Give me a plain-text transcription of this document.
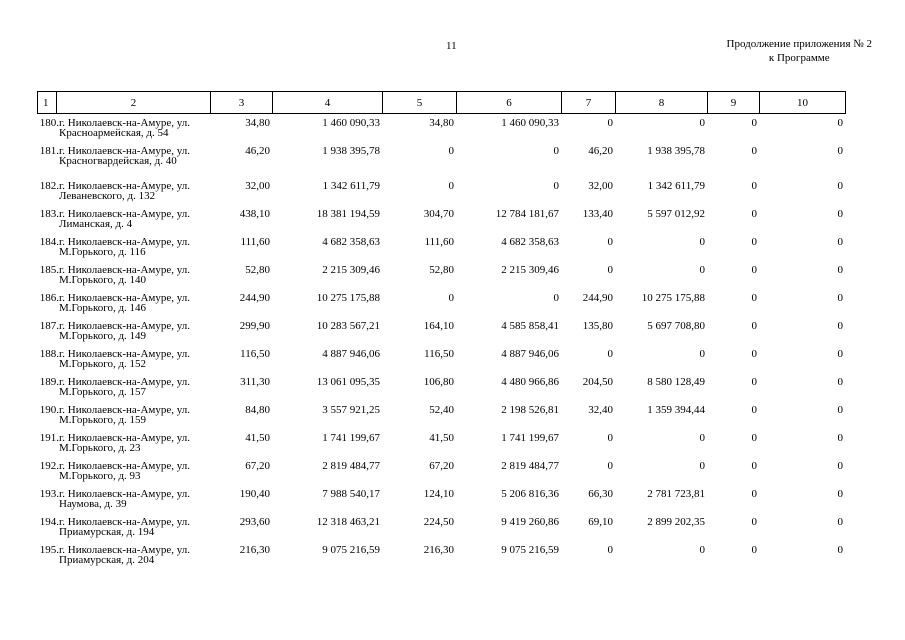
11	Продолжение приложения № 2
к Программе
1	2	3	4	5	6	7	8	9	10
180.	г. Николаевск-на-Амуре, ул. Красноармейская, д. 54	34,80	1 460 090,33	34,80	1 460 090,33	0	0	0	0
181.	г. Николаевск-на-Амуре, ул. Красногвардейская, д. 40	46,20	1 938 395,78	0	0	46,20	1 938 395,78	0	0
182.	г. Николаевск-на-Амуре, ул. Леваневского, д. 132	32,00	1 342 611,79	0	0	32,00	1 342 611,79	0	0
183.	г. Николаевск-на-Амуре, ул. Лиманская, д. 4	438,10	18 381 194,59	304,70	12 784 181,67	133,40	5 597 012,92	0	0
184.	г. Николаевск-на-Амуре, ул. М.Горького, д. 116	111,60	4 682 358,63	111,60	4 682 358,63	0	0	0	0
185.	г. Николаевск-на-Амуре, ул. М.Горького, д. 140	52,80	2 215 309,46	52,80	2 215 309,46	0	0	0	0
186.	г. Николаевск-на-Амуре, ул. М.Горького, д. 146	244,90	10 275 175,88	0	0	244,90	10 275 175,88	0	0
187.	г. Николаевск-на-Амуре, ул. М.Горького, д. 149	299,90	10 283 567,21	164,10	4 585 858,41	135,80	5 697 708,80	0	0
188.	г. Николаевск-на-Амуре, ул. М.Горького, д. 152	116,50	4 887 946,06	116,50	4 887 946,06	0	0	0	0
189.	г. Николаевск-на-Амуре, ул. М.Горького, д. 157	311,30	13 061 095,35	106,80	4 480 966,86	204,50	8 580 128,49	0	0
190.	г. Николаевск-на-Амуре, ул. М.Горького, д. 159	84,80	3 557 921,25	52,40	2 198 526,81	32,40	1 359 394,44	0	0
191.	г. Николаевск-на-Амуре, ул. М.Горького, д. 23	41,50	1 741 199,67	41,50	1 741 199,67	0	0	0	0
192.	г. Николаевск-на-Амуре, ул. М.Горького, д. 93	67,20	2 819 484,77	67,20	2 819 484,77	0	0	0	0
193.	г. Николаевск-на-Амуре, ул. Наумова, д. 39	190,40	7 988 540,17	124,10	5 206 816,36	66,30	2 781 723,81	0	0
194.	г. Николаевск-на-Амуре, ул. Приамурская, д. 194	293,60	12 318 463,21	224,50	9 419 260,86	69,10	2 899 202,35	0	0
195.	г. Николаевск-на-Амуре, ул. Приамурская, д. 204	216,30	9 075 216,59	216,30	9 075 216,59	0	0	0	0
